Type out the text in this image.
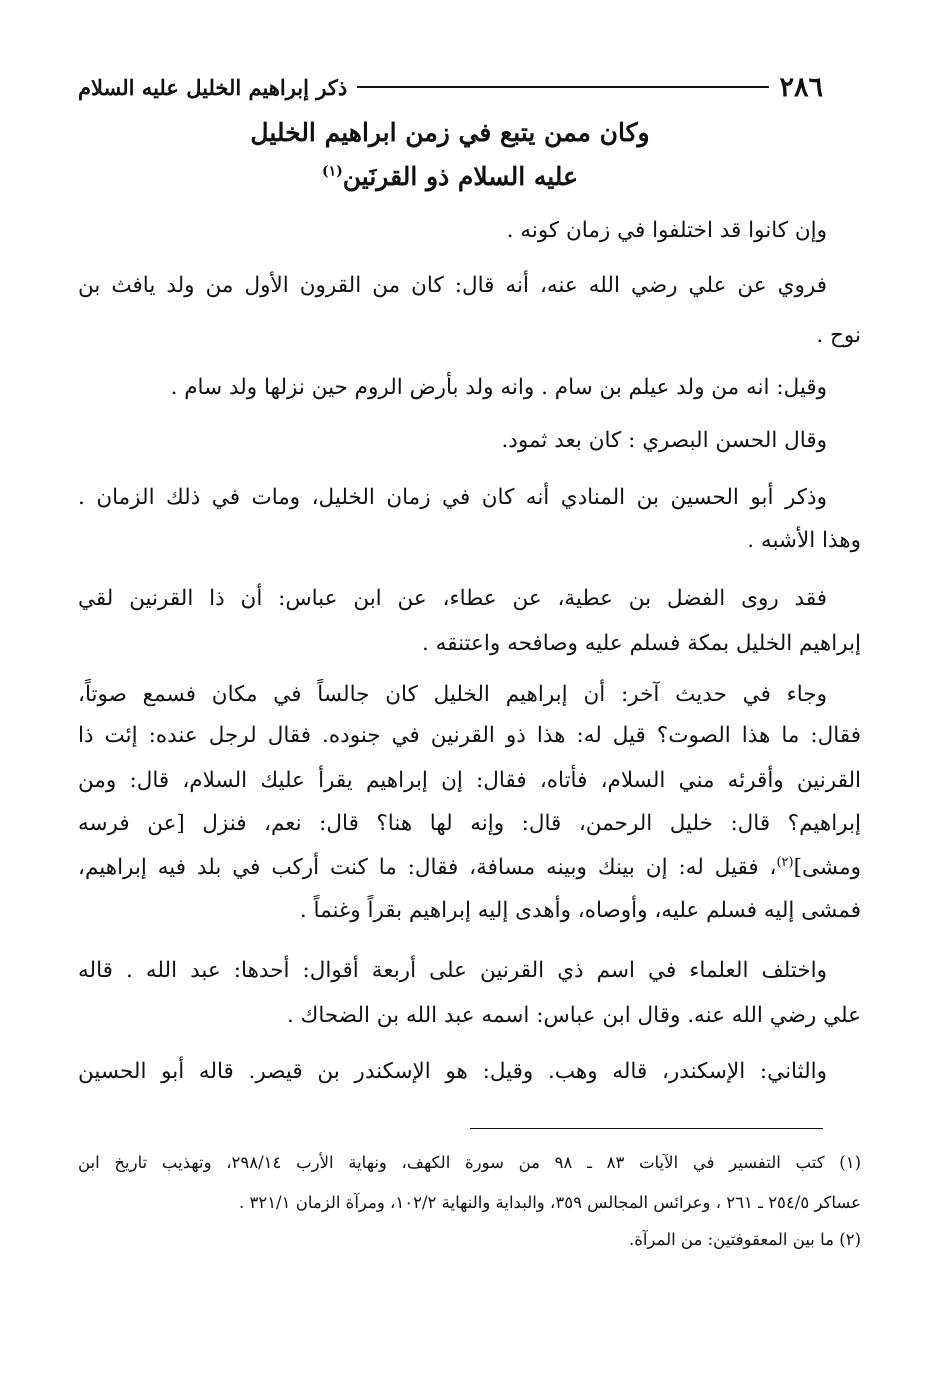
ذكر إبراهيم الخليل عليه السلام	٢٨٦
وكان ممن يتبع في زمن ابراهيم الخليل
عليه السلام ذو القرنَين$^{(١)}$
وإن كانوا قد اختلفوا في زمان كونه .
فروي عن علي رضي الله عنه، أنه قال: كان من القرون الأول من ولد يافث بن
نوح .
وقيل: انه من ولد عيلم بن سام . وانه ولد بأرض الروم حين نزلها ولد سام .
وقال الحسن البصري : كان بعد ثمود.
وذكر أبو الحسين بن المنادي أنه كان في زمان الخليل، ومات في ذلك الزمان .
وهذا الأشبه .
فقد روى الفضل بن عطية، عن عطاء، عن ابن عباس: أن ذا القرنين لقي
إبراهيم الخليل بمكة فسلم عليه وصافحه واعتنقه .
وجاء في حديث آخر: أن إبراهيم الخليل كان جالساً في مكان فسمع صوتاً،
فقال: ما هذا الصوت؟ قيل له: هذا ذو القرنين في جنوده. فقال لرجل عنده: إئت ذا
القرنين وأقرئه مني السلام، فأتاه، فقال: إن إبراهيم يقرأ عليك السلام، قال: ومن
إبراهيم؟ قال: خليل الرحمن، قال: وإنه لها هنا؟ قال: نعم، فنزل [عن فرسه
ومشى]$^{(٢)}$، فقيل له: إن بينك وبينه مسافة، فقال: ما كنت أركب في بلد فيه إبراهيم،
فمشى إليه فسلم عليه، وأوصاه، وأهدى إليه إبراهيم بقراً وغنماً .
واختلف العلماء في اسم ذي القرنين على أربعة أقوال: أحدها: عبد الله . قاله
علي رضي الله عنه. وقال ابن عباس: اسمه عبد الله بن الضحاك .
والثاني: الإسكندر، قاله وهب. وقيل: هو الإسكندر بن قيصر. قاله أبو الحسين
(١) كتب التفسير في الآيات ٨٣ ـ ٩٨ من سورة الكهف، ونهاية الأرب ٢٩٨/١٤، وتهذيب تاريخ ابن
عساكر ٢٥٤/٥ ـ ٢٦١ ، وعرائس المجالس ٣٥٩، والبداية والنهاية ١٠٢/٢، ومرآة الزمان ٣٢١/١ .
(٢) ما بين المعقوفتين: من المرآة.
